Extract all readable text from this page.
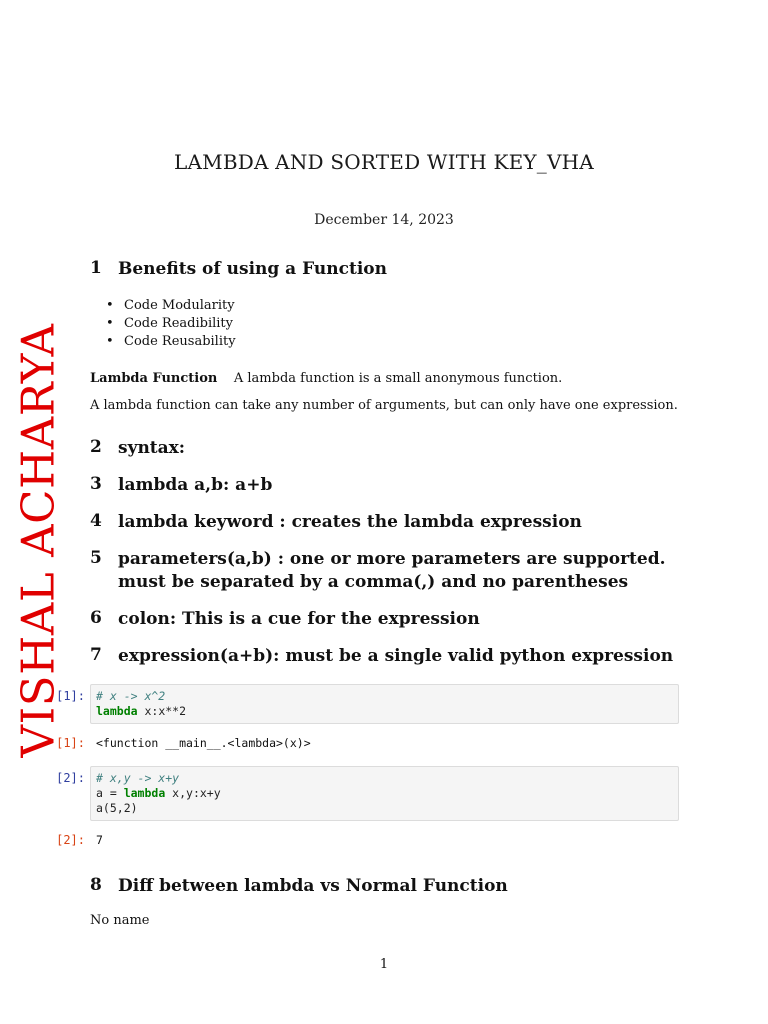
LAMBDA AND SORTED WITH KEY_VHA
December 14, 2023
VISHAL ACHARYA
1 Benefits of using a Function
• Code Modularity
• Code Readibility
• Code Reusability
Lambda Function A lambda function is a small anonymous function.
A lambda function can take any number of arguments, but can only have one expression.
2 syntax:
3 lambda a,b: a+b
4 lambda keyword : creates the lambda expression
5 parameters(a,b) : one or more parameters are supported. must be separated by a comma(,) and no parentheses
6 colon: This is a cue for the expression
7 expression(a+b): must be a single valid python expression
[1]: # x -> x^2
lambda x:x**2
[1]: <function __main__.<lambda>(x)>
[2]: # x,y -> x+y
a = lambda x,y:x+y
a(5,2)
[2]: 7
8 Diff between lambda vs Normal Function
No name
1
